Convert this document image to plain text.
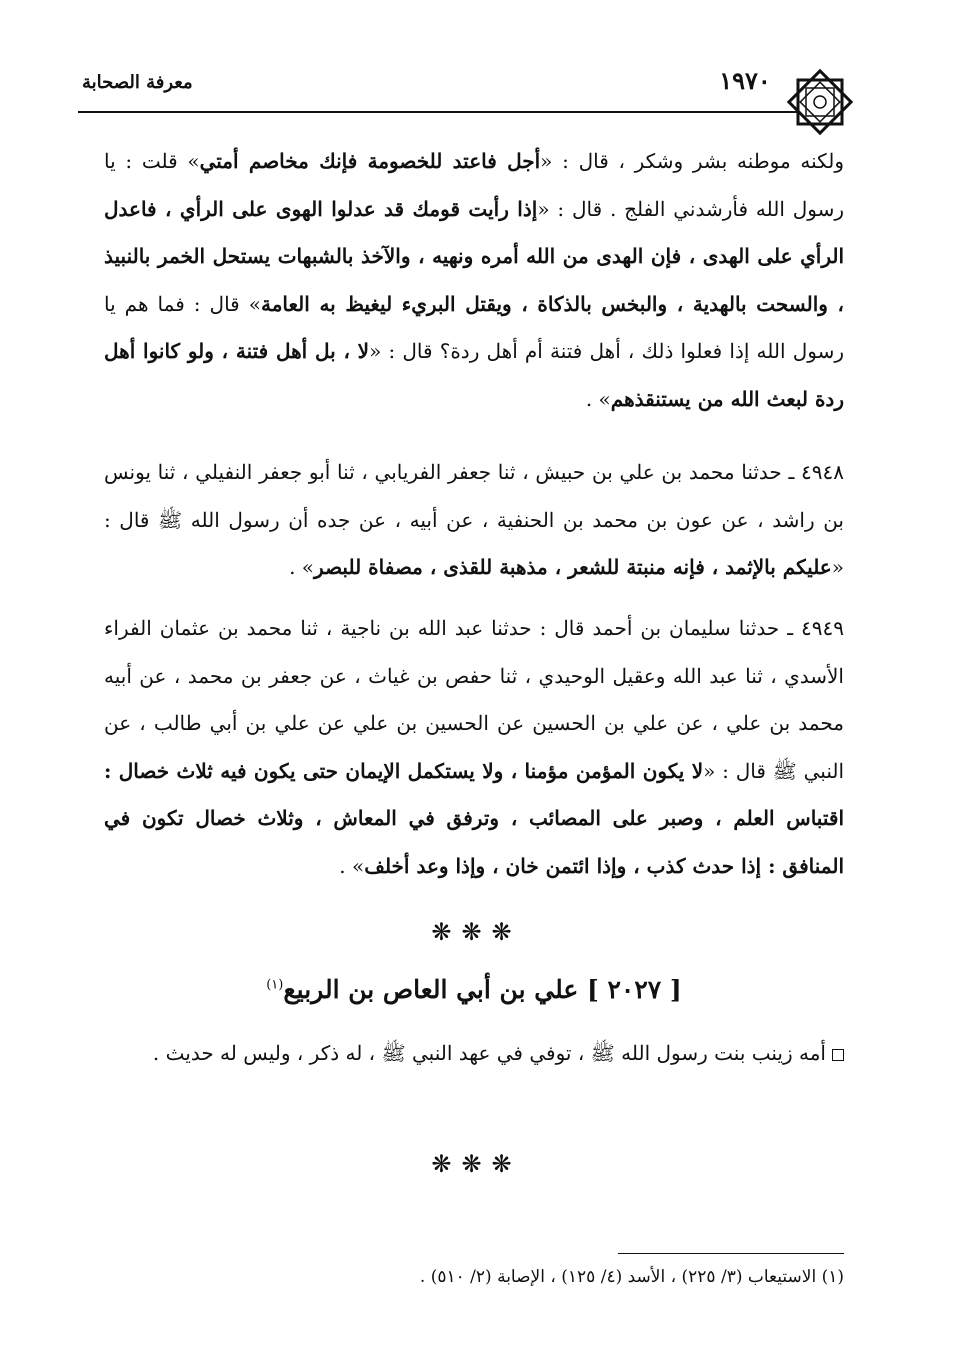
١٩٧٠
معرفة الصحابة

ولكنه موطنه بشر وشكر ، قال : «أجل فاعتد للخصومة فإنك مخاصم أمتي» قلت : يا رسول الله فأرشدني الفلج . قال : «إذا رأيت قومك قد عدلوا الهوى على الرأي ، فاعدل الرأي على الهدى ، فإن الهدى من الله أمره ونهيه ، والآخذ بالشبهات يستحل الخمر بالنبيذ ، والسحت بالهدية ، والبخس بالذكاة ، ويقتل البريء ليغيظ به العامة» قال : فما هم يا رسول الله إذا فعلوا ذلك ، أهل فتنة أم أهل ردة؟ قال : «لا ، بل أهل فتنة ، ولو كانوا أهل ردة لبعث الله من يستنقذهم» .

٤٩٤٨ ـ حدثنا محمد بن علي بن حبيش ، ثنا جعفر الفريابي ، ثنا أبو جعفر النفيلي ، ثنا يونس بن راشد ، عن عون بن محمد بن الحنفية ، عن أبيه ، عن جده أن رسول الله ﷺ قال : «عليكم بالإثمد ، فإنه منبتة للشعر ، مذهبة للقذى ، مصفاة للبصر» .

٤٩٤٩ ـ حدثنا سليمان بن أحمد قال : حدثنا عبد الله بن ناجية ، ثنا محمد بن عثمان الفراء الأسدي ، ثنا عبد الله وعقيل الوحيدي ، ثنا حفص بن غياث ، عن جعفر بن محمد ، عن أبيه محمد بن علي ، عن علي بن الحسين عن الحسين بن علي عن علي بن أبي طالب ، عن النبي ﷺ قال : «لا يكون المؤمن مؤمنا ، ولا يستكمل الإيمان حتى يكون فيه ثلاث خصال : اقتباس العلم ، وصبر على المصائب ، وترفق في المعاش ، وثلاث خصال تكون في المنافق : إذا حدث كذب ، وإذا ائتمن خان ، وإذا وعد أخلف» .

❋❋❋
[ ٢٠٢٧ ] علي بن أبي العاص بن الربيع$^{(١)}$

أمه زينب بنت رسول الله ﷺ ، توفي في عهد النبي ﷺ ، له ذكر ، وليس له حديث .

❋❋❋
(١) الاستيعاب (٣/ ٢٢٥) ، الأسد (٤/ ١٢٥) ، الإصابة (٢/ ٥١٠) .
